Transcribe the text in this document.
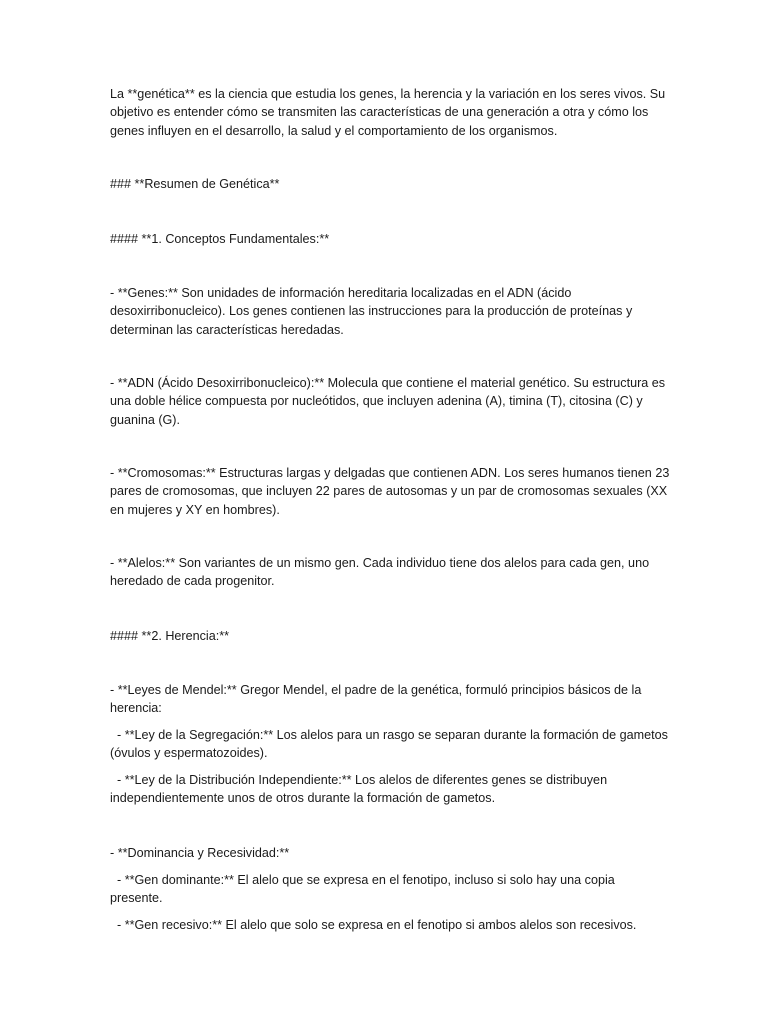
La **genética** es la ciencia que estudia los genes, la herencia y la variación en los seres vivos. Su objetivo es entender cómo se transmiten las características de una generación a otra y cómo los genes influyen en el desarrollo, la salud y el comportamiento de los organismos.

### **Resumen de Genética**

#### **1. Conceptos Fundamentales:**

- **Genes:** Son unidades de información hereditaria localizadas en el ADN (ácido desoxirribonucleico). Los genes contienen las instrucciones para la producción de proteínas y determinan las características heredadas.

- **ADN (Ácido Desoxirribonucleico):** Molecula que contiene el material genético. Su estructura es una doble hélice compuesta por nucleótidos, que incluyen adenina (A), timina (T), citosina (C) y guanina (G).

- **Cromosomas:** Estructuras largas y delgadas que contienen ADN. Los seres humanos tienen 23 pares de cromosomas, que incluyen 22 pares de autosomas y un par de cromosomas sexuales (XX en mujeres y XY en hombres).

- **Alelos:** Son variantes de un mismo gen. Cada individuo tiene dos alelos para cada gen, uno heredado de cada progenitor.

#### **2. Herencia:**

- **Leyes de Mendel:** Gregor Mendel, el padre de la genética, formuló principios básicos de la herencia:

- **Ley de la Segregación:** Los alelos para un rasgo se separan durante la formación de gametos (óvulos y espermatozoides).

- **Ley de la Distribución Independiente:** Los alelos de diferentes genes se distribuyen independientemente unos de otros durante la formación de gametos.

- **Dominancia y Recesividad:**

- **Gen dominante:** El alelo que se expresa en el fenotipo, incluso si solo hay una copia presente.

- **Gen recesivo:** El alelo que solo se expresa en el fenotipo si ambos alelos son recesivos.
